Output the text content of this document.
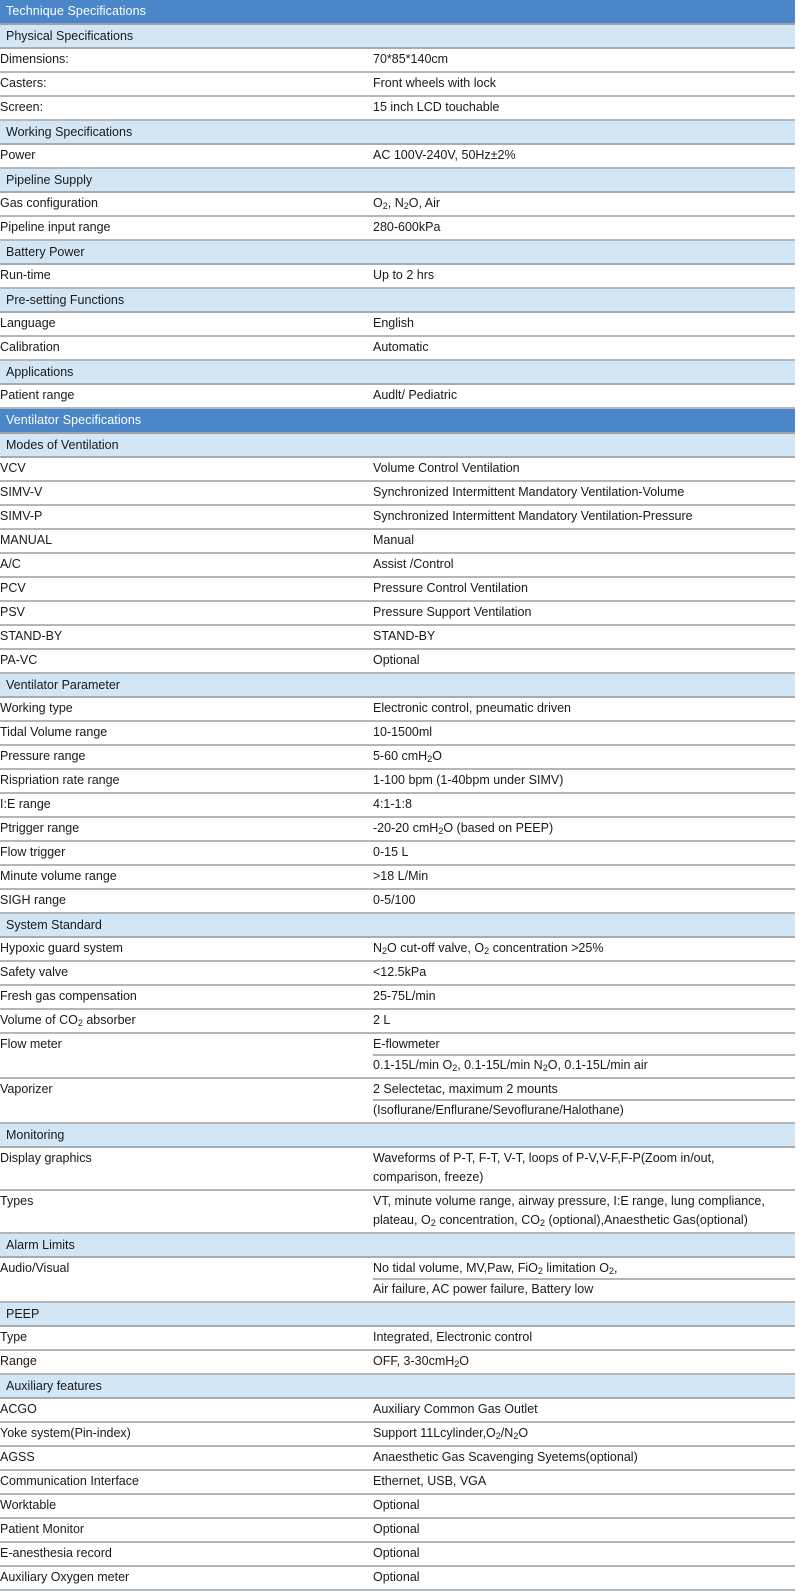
Technique Specifications	
Physical Specifications	

Dimensions:	70*85*140cm

Casters:	Front wheels with lock

Screen:	15 inch LCD touchable

Working Specifications	

Power	AC 100V-240V, 50Hz±2%

Pipeline Supply	

Gas configuration	$O_2$, $N_2O$, Air

Pipeline input range	280-600kPa

Battery Power	

Run-time	Up to 2 hrs

Pre-setting Functions	

Language	English

Calibration	Automatic

Applications	

Patient range	Audlt/ Pediatric

Ventilator Specifications	
Modes of Ventilation	

VCV	Volume Control Ventilation

SIMV-V	Synchronized Intermittent Mandatory Ventilation-Volume

SIMV-P	Synchronized Intermittent Mandatory Ventilation-Pressure

MANUAL	Manual

A/C	Assist /Control

PCV	Pressure Control Ventilation

PSV	Pressure Support Ventilation

STAND-BY	STAND-BY

PA-VC	Optional

Ventilator Parameter	

Working type	Electronic control, pneumatic driven

Tidal Volume range	10-1500ml

Pressure range	5-60 cmH$_2$O

Rispriation rate range	1-100 bpm (1-40bpm under SIMV)

I:E range	4:1-1:8

Ptrigger range	-20-20 cmH$_2$O (based on PEEP)

Flow trigger	0-15 L

Minute volume range	>18 L/Min

SIGH range	0-5/100

System Standard	

Hypoxic guard system	$N_2O$ cut-off valve, $O_2$ concentration >25%

Safety valve	<12.5kPa

Fresh gas compensation	25-75L/min

Volume of $CO_2$ absorber	2 L

Flow meter	E-flowmeter
0.1-15L/min $O_2$, 0.1-15L/min $N_2O$, 0.1-15L/min air

Vaporizer	2 Selectetac, maximum 2 mounts
(Isoflurane/Enflurane/Sevoflurane/Halothane)

Monitoring	

Display graphics	Waveforms of P-T, F-T, V-T, loops of P-V,V-F,F-P(Zoom in/out,
comparison, freeze)

Types	VT, minute volume range, airway pressure, I:E range, lung compliance,
plateau, $O_2$ concentration, $CO_2$ (optional),Anaesthetic Gas(optional)

Alarm Limits	

Audio/Visual	No tidal volume, MV,Paw, FiO$_2$ limitation $O_2$,
Air failure, AC power failure, Battery low

PEEP	

Type	Integrated, Electronic control

Range	OFF, 3-30cmH$_2$O

Auxiliary features	

ACGO	Auxiliary Common Gas Outlet

Yoke system(Pin-index)	Support $11Lcylinder,O_2/N_2O$

AGSS	Anaesthetic Gas Scavenging Syetems(optional)

Communication Interface	Ethernet, USB, VGA

Worktable	Optional

Patient Monitor	Optional

E-anesthesia record	Optional

Auxiliary Oxygen meter	Optional
